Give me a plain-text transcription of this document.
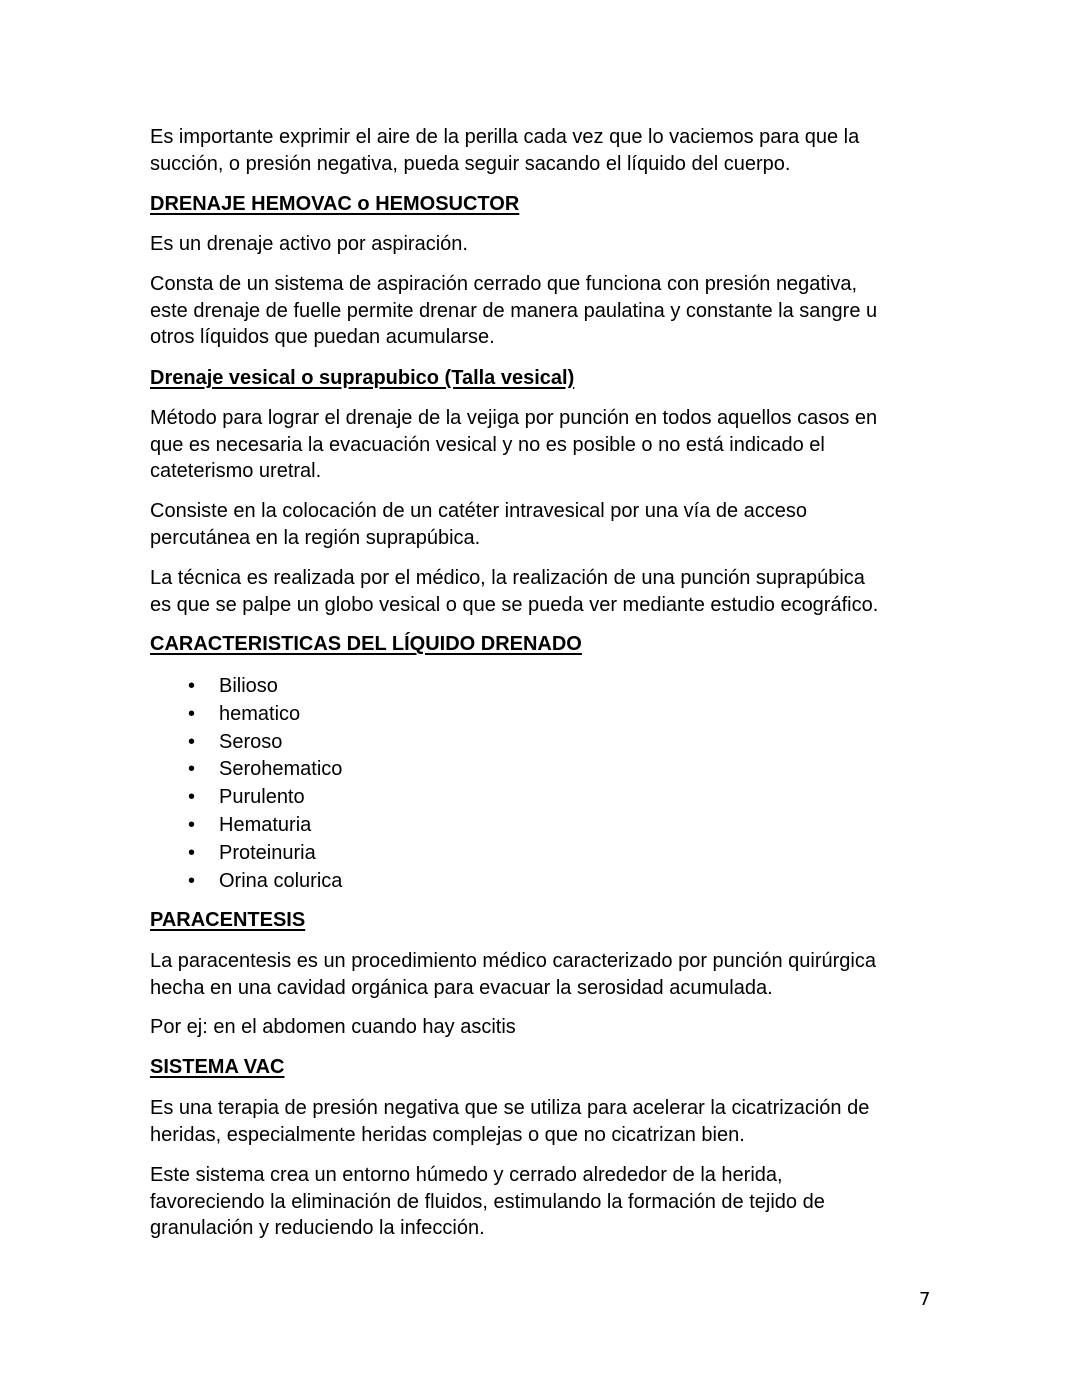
Es importante exprimir el aire de la perilla cada vez que lo vaciemos para que la
succión, o presión negativa, pueda seguir sacando el líquido del cuerpo.
DRENAJE HEMOVAC o HEMOSUCTOR
Es un drenaje activo por aspiración.
Consta de un sistema de aspiración cerrado que funciona con presión negativa,
este drenaje de fuelle permite drenar de manera paulatina y constante la sangre u
otros líquidos que puedan acumularse.
Drenaje vesical o suprapubico (Talla vesical)
Método para lograr el drenaje de la vejiga por punción en todos aquellos casos en
que es necesaria la evacuación vesical y no es posible o no está indicado el
cateterismo uretral.
Consiste en la colocación de un catéter intravesical por una vía de acceso
percutánea en la región suprapúbica.
La técnica es realizada por el médico, la realización de una punción suprapúbica
es que se palpe un globo vesical o que se pueda ver mediante estudio ecográfico.
CARACTERISTICAS DEL LÍQUIDO DRENADO
• Bilioso
• hematico
• Seroso
• Serohematico
• Purulento
• Hematuria
• Proteinuria
• Orina colurica
PARACENTESIS
La paracentesis es un procedimiento médico caracterizado por punción quirúrgica
hecha en una cavidad orgánica para evacuar la serosidad acumulada.
Por ej: en el abdomen cuando hay ascitis
SISTEMA VAC
Es una terapia de presión negativa que se utiliza para acelerar la cicatrización de
heridas, especialmente heridas complejas o que no cicatrizan bien.
Este sistema crea un entorno húmedo y cerrado alrededor de la herida,
favoreciendo la eliminación de fluidos, estimulando la formación de tejido de
granulación y reduciendo la infección.
7
